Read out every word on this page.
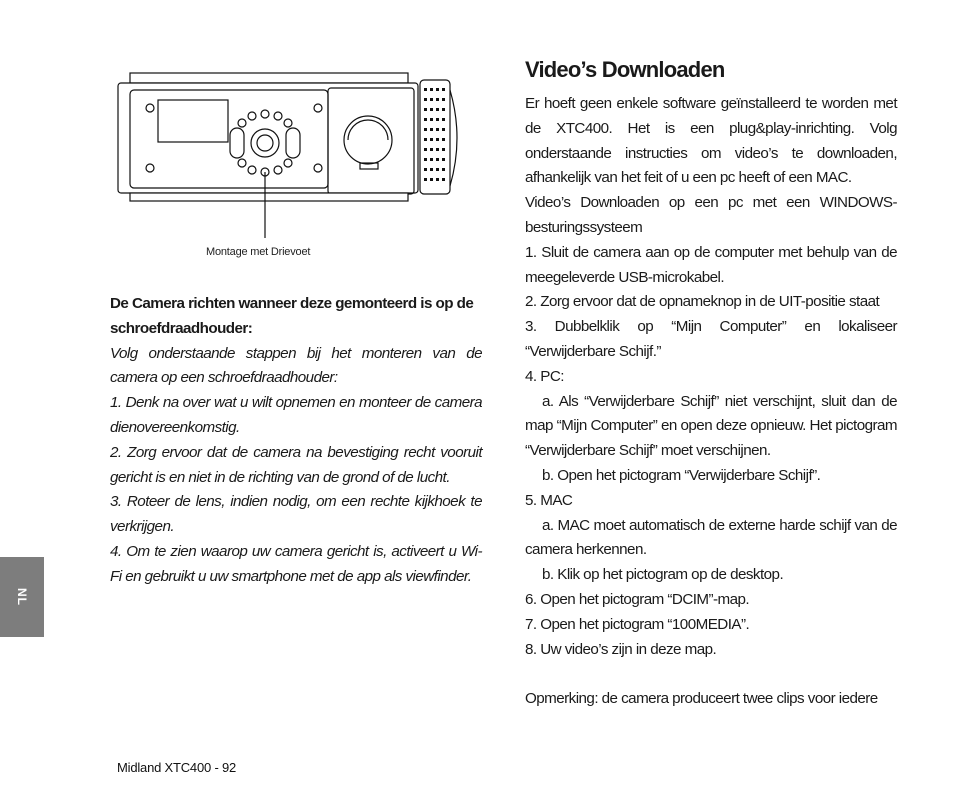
Montage met Drievoet

De Camera richten wanneer deze gemonteerd is op de schroefdraadhouder:

Volg onderstaande stappen bij het monteren van de camera op een schroefdraadhouder:

1. Denk na over wat u wilt opnemen en monteer de camera dienovereenkomstig.

2. Zorg ervoor dat de camera na bevestiging recht vooruit gericht is en niet in de richting van de grond of de lucht.

3. Roteer de lens, indien nodig, om een rechte kijkhoek te verkrijgen.

4. Om te zien waarop uw camera gericht is, activeert u Wi-Fi en gebruikt u uw smartphone met de app als viewfinder.

Video’s Downloaden

Er hoeft geen enkele software geïnstalleerd te worden met de XTC400. Het is een plug&play-inrichting. Volg onderstaande instructies om video’s te downloaden, afhankelijk van het feit of u een pc heeft of een MAC.

Video’s Downloaden op een pc met een WINDOWS-besturingssysteem

1. Sluit de camera aan op de computer met behulp van de meegeleverde USB-microkabel.

2. Zorg ervoor dat de opnameknop in de UIT-positie staat

3. Dubbelklik op “Mijn Computer” en lokaliseer “Verwijderbare Schijf.”

4. PC:

a. Als “Verwijderbare Schijf” niet verschijnt, sluit dan de map “Mijn Computer” en open deze opnieuw. Het pictogram “Verwijderbare Schijf” moet verschijnen.

b. Open het pictogram “Verwijderbare Schijf”.

5. MAC

a. MAC moet automatisch de externe harde schijf van de camera herkennen.

b. Klik op het pictogram op de desktop.

6. Open het pictogram “DCIM”-map.

7. Open het pictogram “100MEDIA”.

8. Uw video’s zijn in deze map.

Opmerking: de camera produceert twee clips voor iedere

NL
Midland XTC400 - 92
